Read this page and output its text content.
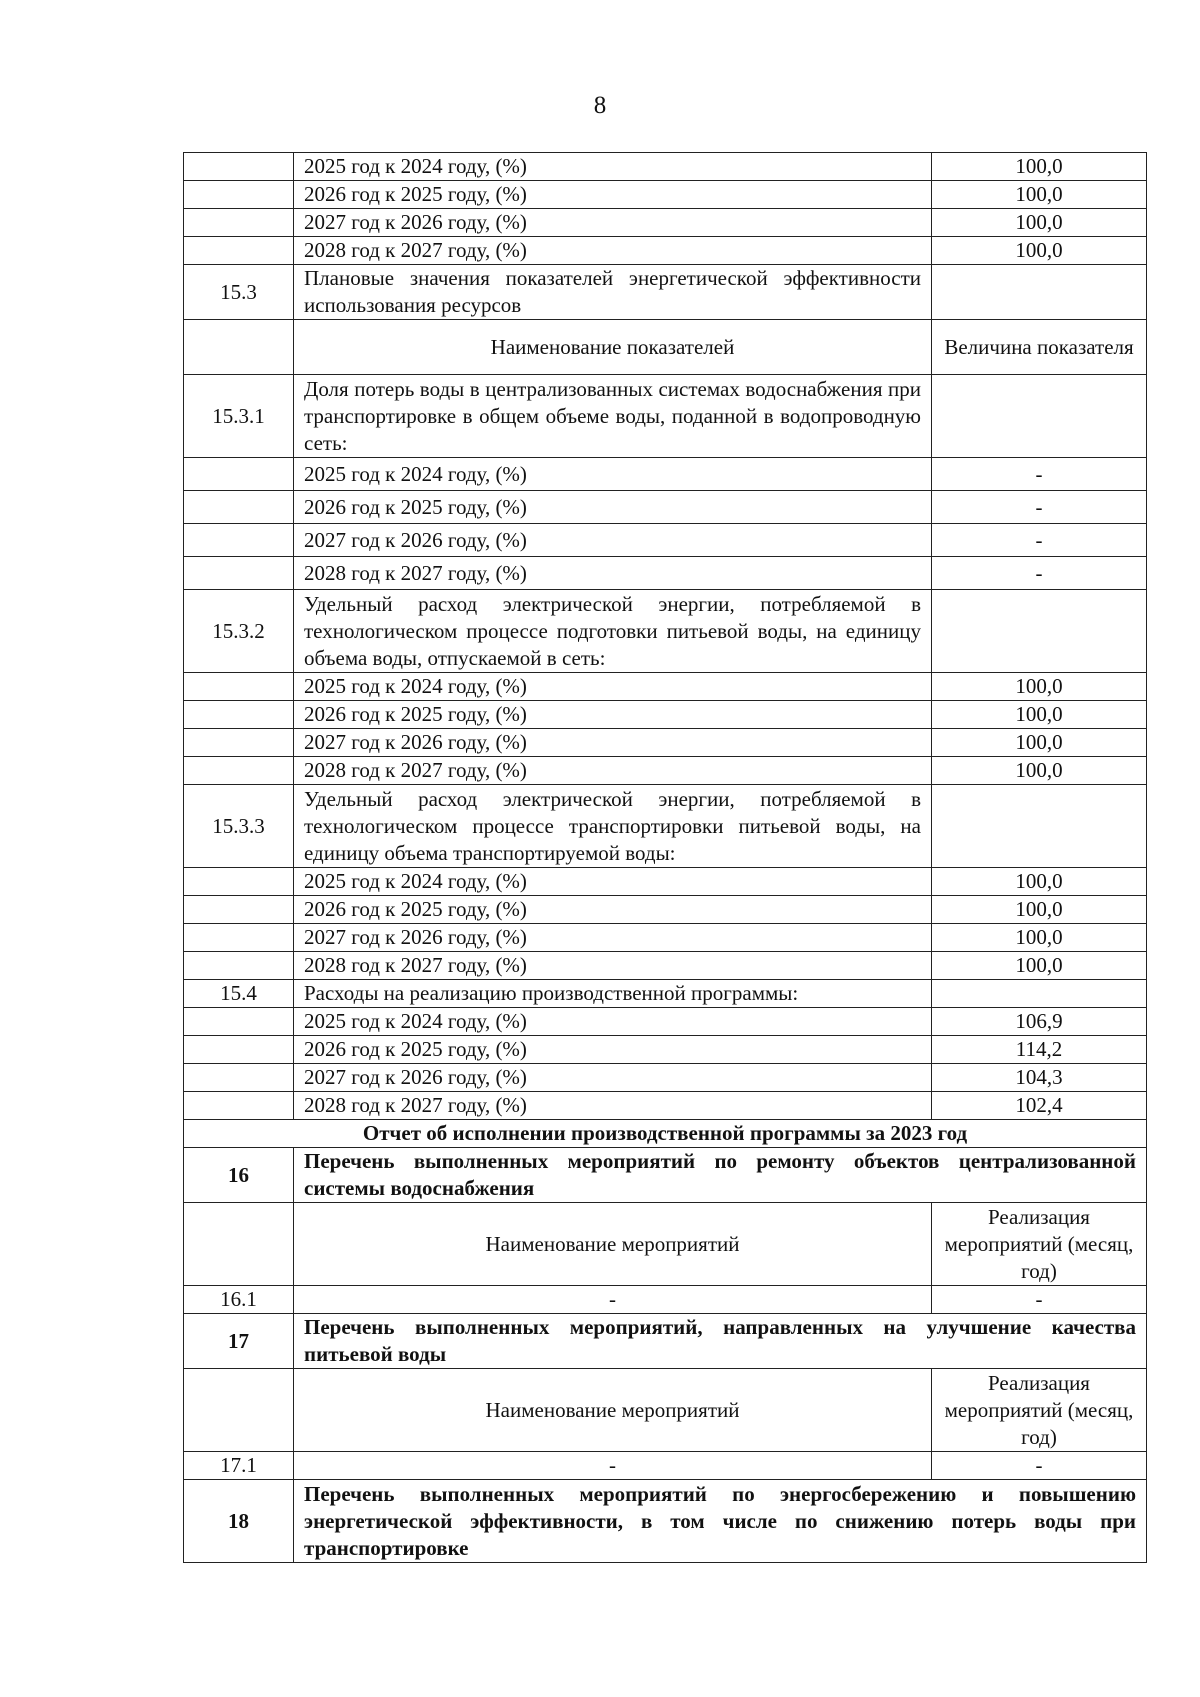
8
	2025 год к 2024 году, (%)	100,0
	2026 год к 2025 году, (%)	100,0
	2027 год к 2026 году, (%)	100,0
	2028 год к 2027 году, (%)	100,0
15.3	Плановые значения показателей энергетической эффективности использования ресурсов	
	Наименование показателей	Величина показателя
15.3.1	Доля потерь воды в централизованных системах водоснабжения при транспортировке в общем объеме воды, поданной в водопроводную сеть:	
	2025 год к 2024 году, (%)	-
	2026 год к 2025 году, (%)	-
	2027 год к 2026 году, (%)	-
	2028 год к 2027 году, (%)	-
15.3.2	Удельный расход электрической энергии, потребляемой в технологическом процессе подготовки питьевой воды, на единицу объема воды, отпускаемой в сеть:	
	2025 год к 2024 году, (%)	100,0
	2026 год к 2025 году, (%)	100,0
	2027 год к 2026 году, (%)	100,0
	2028 год к 2027 году, (%)	100,0
15.3.3	Удельный расход электрической энергии, потребляемой в технологическом процессе транспортировки питьевой воды, на единицу объема транспортируемой воды:	
	2025 год к 2024 году, (%)	100,0
	2026 год к 2025 году, (%)	100,0
	2027 год к 2026 году, (%)	100,0
	2028 год к 2027 году, (%)	100,0
15.4	Расходы на реализацию производственной программы:	
	2025 год к 2024 году, (%)	106,9
	2026 год к 2025 году, (%)	114,2
	2027 год к 2026 году, (%)	104,3
	2028 год к 2027 году, (%)	102,4
Отчет об исполнении производственной программы за 2023 год		
16	Перечень выполненных мероприятий по ремонту объектов централизованной системы водоснабжения	
	Наименование мероприятий	Реализация мероприятий (месяц, год)
16.1	-	-
17	Перечень выполненных мероприятий, направленных на улучшение качества питьевой воды	
	Наименование мероприятий	Реализация мероприятий (месяц, год)
17.1	-	-
18	Перечень выполненных мероприятий по энергосбережению и повышению энергетической эффективности, в том числе по снижению потерь воды при транспортировке	
